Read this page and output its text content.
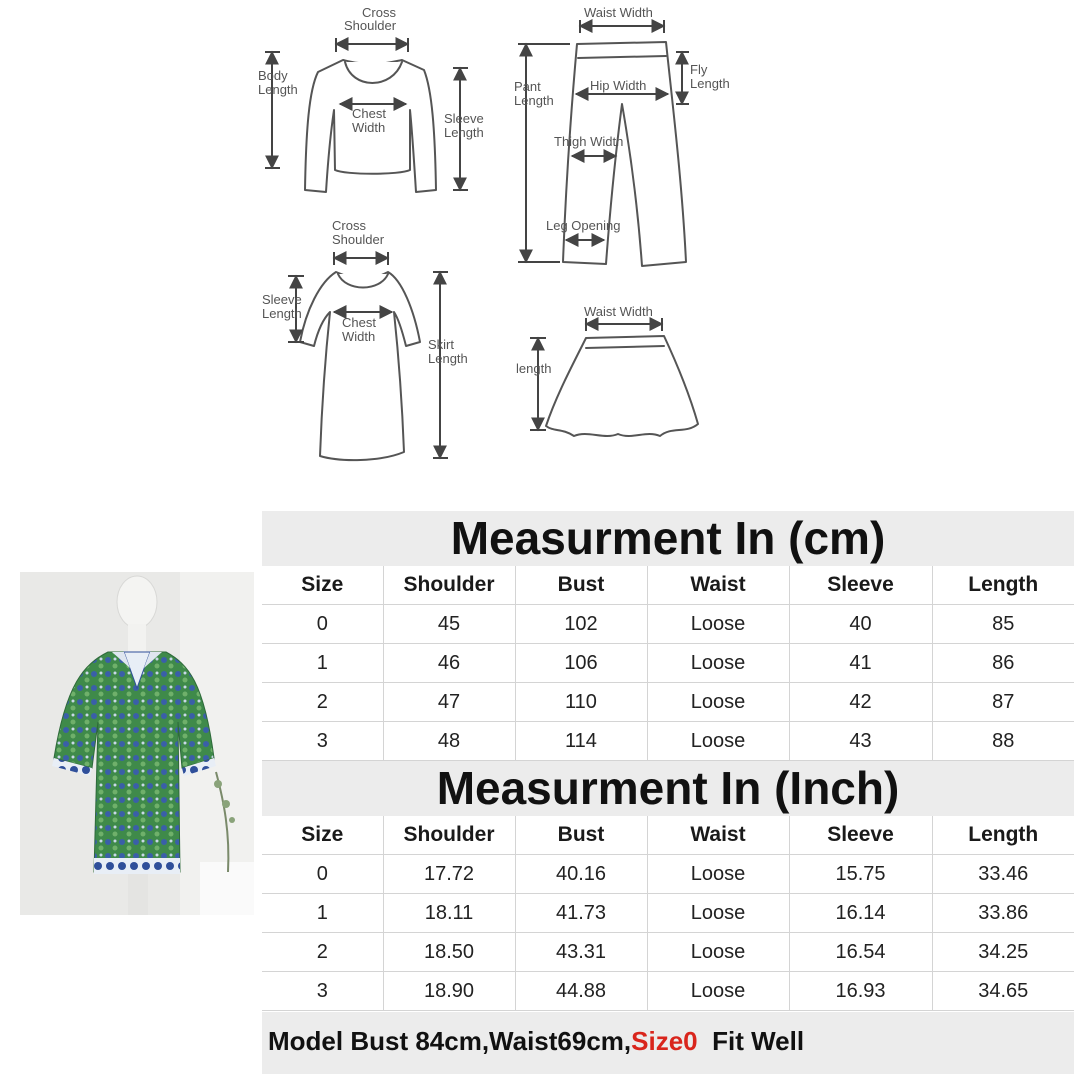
Cross
Shoulder
Body
Length
Chest
Width
Sleeve
Length
Waist Width
Pant
Length
Fly
Length
Hip Width
Thigh Width
Leg Opening
Cross
Shoulder
Sleeve
Length
Chest
Width
Skirt
Length
Waist Width
length
Measurment In (cm)
Size	Shoulder	Bust	Waist	Sleeve	Length
0	45	102	Loose	40	85
1	46	106	Loose	41	86
2	47	110	Loose	42	87
3	48	114	Loose	43	88
Measurment In (Inch)
Size	Shoulder	Bust	Waist	Sleeve	Length
0	17.72	40.16	Loose	15.75	33.46
1	18.11	41.73	Loose	16.14	33.86
2	18.50	43.31	Loose	16.54	34.25
3	18.90	44.88	Loose	16.93	34.65
Model Bust 84cm,Waist69cm,Size0  Fit Well
